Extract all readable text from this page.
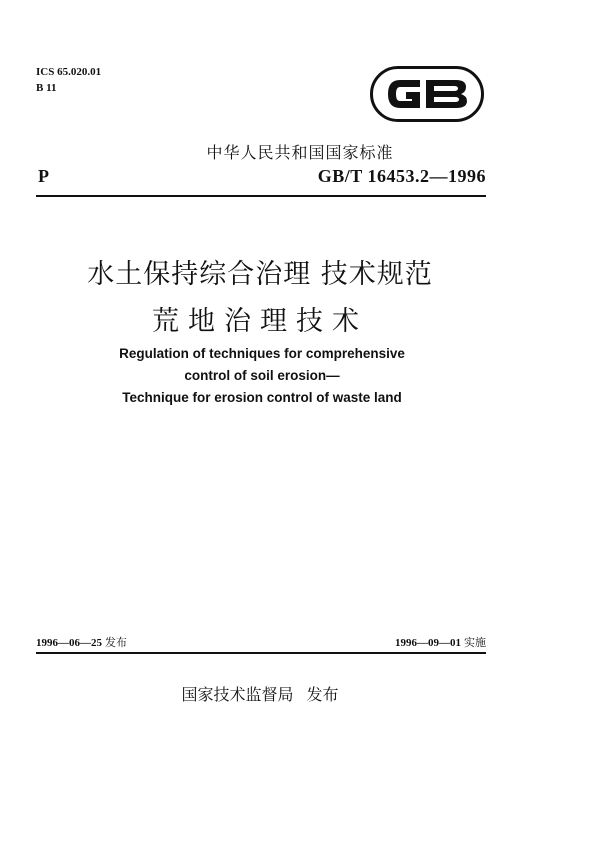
ICS 65.020.01
B 11
中华人民共和国国家标准
P	GB/T 16453.2—1996
水土保持综合治理 技术规范
荒地治理技术
Regulation of techniques for comprehensive
control of soil erosion—
Technique for erosion control of waste land
1996—06—25 发布	1996—09—01 实施
国家技术监督局 发布
